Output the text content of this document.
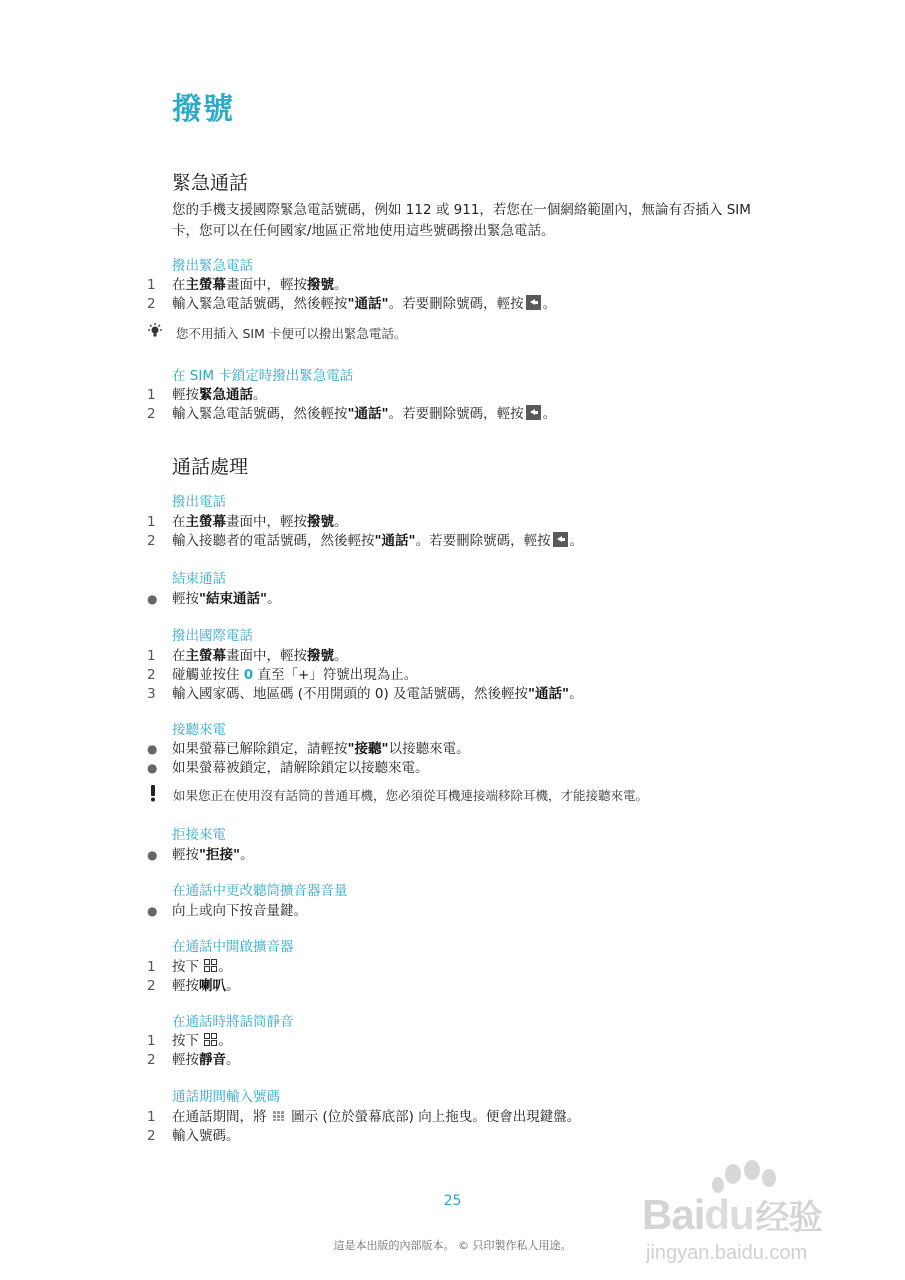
撥號
緊急通話
您的手機支援國際緊急電話號碼，例如 112 或 911，若您在一個網絡範圍內，無論有否插入 SIM 卡，您可以在任何國家/地區正常地使用這些號碼撥出緊急電話。
撥出緊急電話
1 在主螢幕畫面中，輕按撥號。
2 輸入緊急電話號碼，然後輕按"通話"。若要刪除號碼，輕按 。
您不用插入 SIM 卡便可以撥出緊急電話。
在 SIM 卡鎖定時撥出緊急電話
1 輕按緊急通話。
2 輸入緊急電話號碼，然後輕按"通話"。若要刪除號碼，輕按 。
通話處理
撥出電話
1 在主螢幕畫面中，輕按撥號。
2 輸入接聽者的電話號碼，然後輕按"通話"。若要刪除號碼，輕按 。
結束通話
● 輕按"結束通話"。
撥出國際電話
1 在主螢幕畫面中，輕按撥號。
2 碰觸並按住 0 直至「+」符號出現為止。
3 輸入國家碼、地區碼 (不用開頭的 0) 及電話號碼，然後輕按"通話"。
接聽來電
● 如果螢幕已解除鎖定，請輕按"接聽"以接聽來電。
● 如果螢幕被鎖定，請解除鎖定以接聽來電。
如果您正在使用沒有話筒的普通耳機，您必須從耳機連接端移除耳機，才能接聽來電。
拒接來電
● 輕按"拒接"。
在通話中更改聽筒擴音器音量
● 向上或向下按音量鍵。
在通話中開啟擴音器
1 按下 。
2 輕按喇叭。
在通話時將話筒靜音
1 按下 。
2 輕按靜音。
通話期間輸入號碼
1 在通話期間，將 圖示 (位於螢幕底部) 向上拖曳。便會出現鍵盤。
2 輸入號碼。
25
這是本出版的內部版本。 © 只印製作私人用途。
Baidu经验
jingyan.baidu.com
